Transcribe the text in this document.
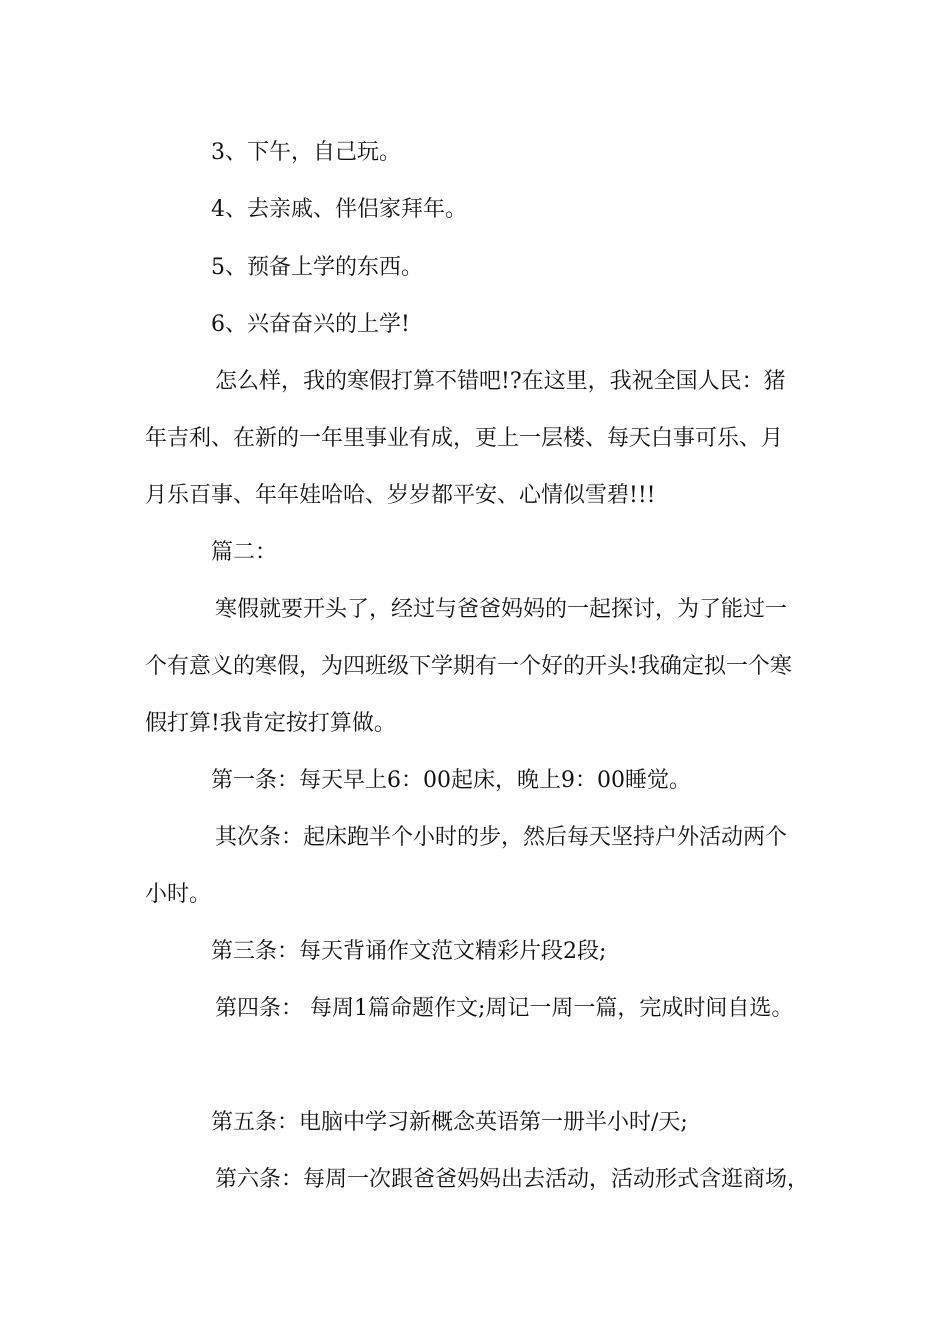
3、下午，自己玩。

4、去亲戚、伴侣家拜年。

5、预备上学的东西。

6、兴奋奋兴的上学!

怎么样，我的寒假打算不错吧!?在这里，我祝全国人民：猪

年吉利、在新的一年里事业有成，更上一层楼、每天白事可乐、月

月乐百事、年年娃哈哈、岁岁都平安、心情似雪碧!!!

篇二：

寒假就要开头了，经过与爸爸妈妈的一起探讨，为了能过一

个有意义的寒假，为四班级下学期有一个好的开头!我确定拟一个寒

假打算!我肯定按打算做。

第一条：每天早上6：00起床，晚上9：00睡觉。

其次条：起床跑半个小时的步，然后每天坚持户外活动两个

小时。

第三条：每天背诵作文范文精彩片段2段;

第四条： 每周1篇命题作文;周记一周一篇，完成时间自选。

第五条：电脑中学习新概念英语第一册半小时/天;

第六条：每周一次跟爸爸妈妈出去活动，活动形式含逛商场，
